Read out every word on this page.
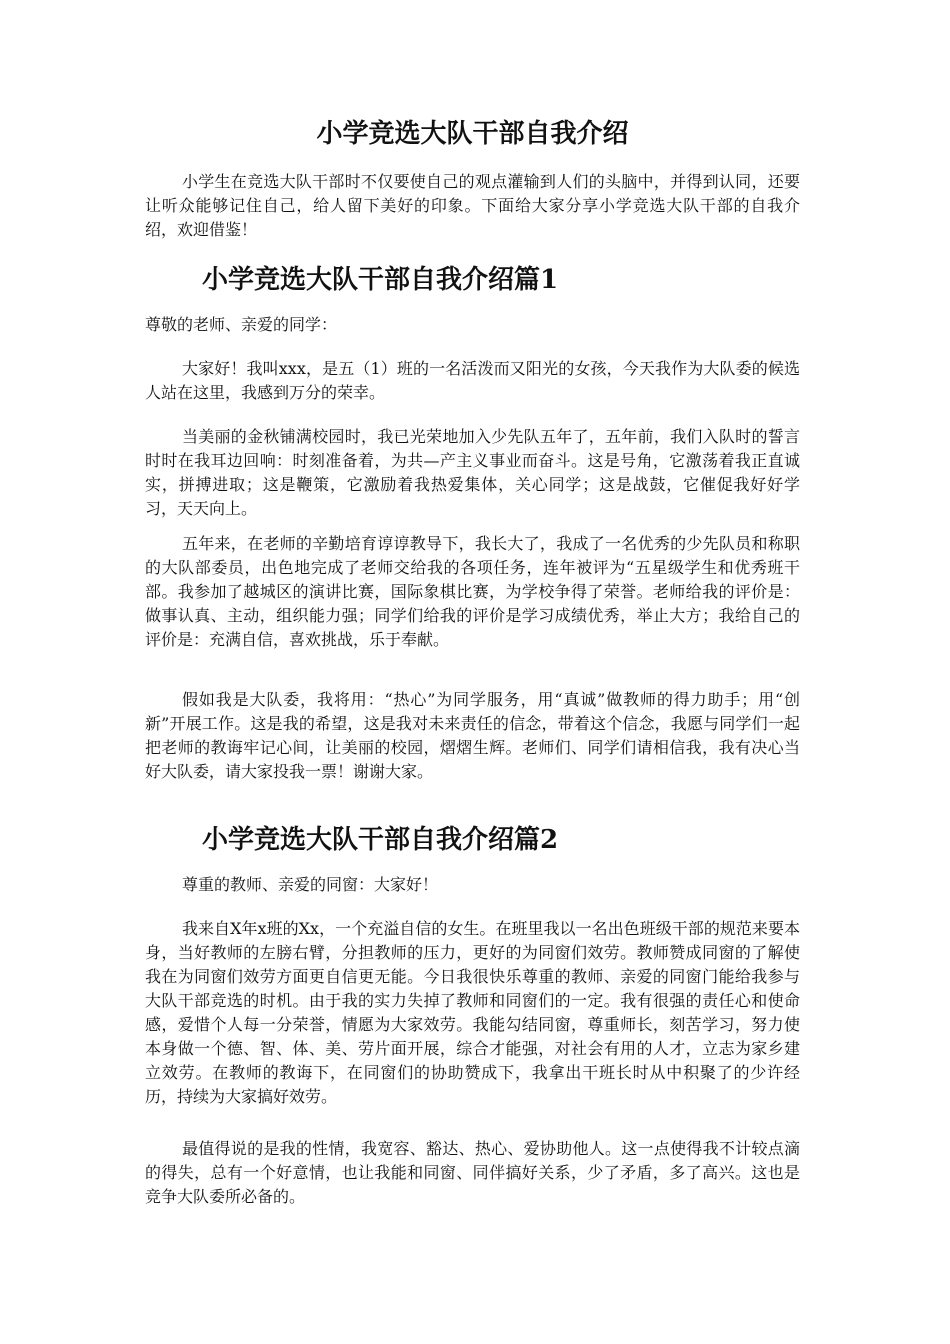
小学竞选大队干部自我介绍

小学生在竞选大队干部时不仅要使自己的观点灌输到人们的头脑中，并得到认同，还要让听众能够记住自己，给人留下美好的印象。下面给大家分享小学竞选大队干部的自我介绍，欢迎借鉴！

小学竞选大队干部自我介绍篇1

尊敬的老师、亲爱的同学：

大家好！我叫xxx，是五（1）班的一名活泼而又阳光的女孩，今天我作为大队委的候选人站在这里，我感到万分的荣幸。

当美丽的金秋铺满校园时，我已光荣地加入少先队五年了，五年前，我们入队时的誓言时时在我耳边回响：时刻准备着，为共—产主义事业而奋斗。这是号角，它激荡着我正直诚实，拼搏进取；这是鞭策，它激励着我热爱集体，关心同学；这是战鼓，它催促我好好学习，天天向上。

五年来，在老师的辛勤培育谆谆教导下，我长大了，我成了一名优秀的少先队员和称职的大队部委员，出色地完成了老师交给我的各项任务，连年被评为“五星级学生和优秀班干部。我参加了越城区的演讲比赛，国际象棋比赛，为学校争得了荣誉。老师给我的评价是：做事认真、主动，组织能力强；同学们给我的评价是学习成绩优秀，举止大方；我给自己的评价是：充满自信，喜欢挑战，乐于奉献。

假如我是大队委，我将用：“热心”为同学服务，用“真诚”做教师的得力助手；用“创新”开展工作。这是我的希望，这是我对未来责任的信念，带着这个信念，我愿与同学们一起把老师的教诲牢记心间，让美丽的校园，熠熠生辉。老师们、同学们请相信我，我有决心当好大队委，请大家投我一票！谢谢大家。

小学竞选大队干部自我介绍篇2

尊重的教师、亲爱的同窗：大家好！

我来自X年x班的Xx，一个充溢自信的女生。在班里我以一名出色班级干部的规范来要本身，当好教师的左膀右臂，分担教师的压力，更好的为同窗们效劳。教师赞成同窗的了解使我在为同窗们效劳方面更自信更无能。今日我很快乐尊重的教师、亲爱的同窗门能给我参与大队干部竞选的时机。由于我的实力失掉了教师和同窗们的一定。我有很强的责任心和使命感，爱惜个人每一分荣誉，情愿为大家效劳。我能勾结同窗，尊重师长，刻苦学习，努力使本身做一个德、智、体、美、劳片面开展，综合才能强，对社会有用的人才，立志为家乡建立效劳。在教师的教诲下，在同窗们的协助赞成下，我拿出干班长时从中积聚了的少许经历，持续为大家搞好效劳。

最值得说的是我的性情，我宽容、豁达、热心、爱协助他人。这一点使得我不计较点滴的得失，总有一个好意情，也让我能和同窗、同伴搞好关系，少了矛盾，多了高兴。这也是竞争大队委所必备的。
